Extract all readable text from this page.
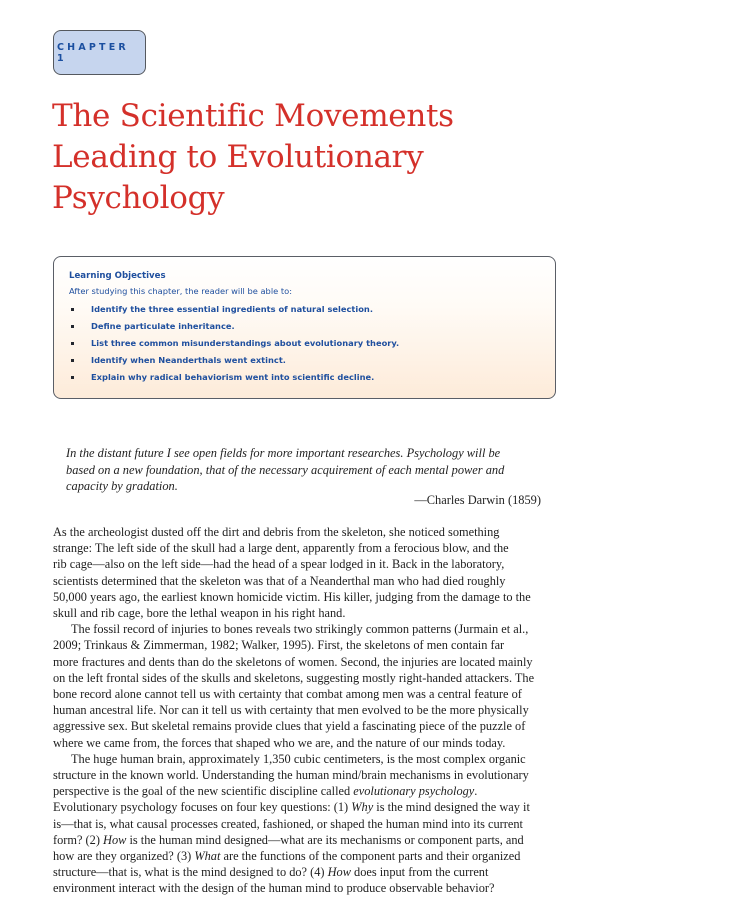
CHAPTER 1
The Scientific Movements
Leading to Evolutionary
Psychology

Learning Objectives

After studying this chapter, the reader will be able to:

Identify the three essential ingredients of natural selection.
Define particulate inheritance.
List three common misunderstandings about evolutionary theory.
Identify when Neanderthals went extinct.
Explain why radical behaviorism went into scientific decline.

In the distant future I see open fields for more important researches. Psychology will be
based on a new foundation, that of the necessary acquirement of each mental power and
capacity by gradation.

—Charles Darwin (1859)

As the archeologist dusted off the dirt and debris from the skeleton, she noticed something
strange: The left side of the skull had a large dent, apparently from a ferocious blow, and the
rib cage—also on the left side—had the head of a spear lodged in it. Back in the laboratory,
scientists determined that the skeleton was that of a Neanderthal man who had died roughly
50,000 years ago, the earliest known homicide victim. His killer, judging from the damage to the
skull and rib cage, bore the lethal weapon in his right hand.

The fossil record of injuries to bones reveals two strikingly common patterns (Jurmain et al.,
2009; Trinkaus & Zimmerman, 1982; Walker, 1995). First, the skeletons of men contain far
more fractures and dents than do the skeletons of women. Second, the injuries are located mainly
on the left frontal sides of the skulls and skeletons, suggesting mostly right-handed attackers. The
bone record alone cannot tell us with certainty that combat among men was a central feature of
human ancestral life. Nor can it tell us with certainty that men evolved to be the more physically
aggressive sex. But skeletal remains provide clues that yield a fascinating piece of the puzzle of
where we came from, the forces that shaped who we are, and the nature of our minds today.

The huge human brain, approximately 1,350 cubic centimeters, is the most complex organic
structure in the known world. Understanding the human mind/brain mechanisms in evolutionary
perspective is the goal of the new scientific discipline called evolutionary psychology.
Evolutionary psychology focuses on four key questions: (1) Why is the mind designed the way it
is—that is, what causal processes created, fashioned, or shaped the human mind into its current
form? (2) How is the human mind designed—what are its mechanisms or component parts, and
how are they organized? (3) What are the functions of the component parts and their organized
structure—that is, what is the mind designed to do? (4) How does input from the current
environment interact with the design of the human mind to produce observable behavior?
